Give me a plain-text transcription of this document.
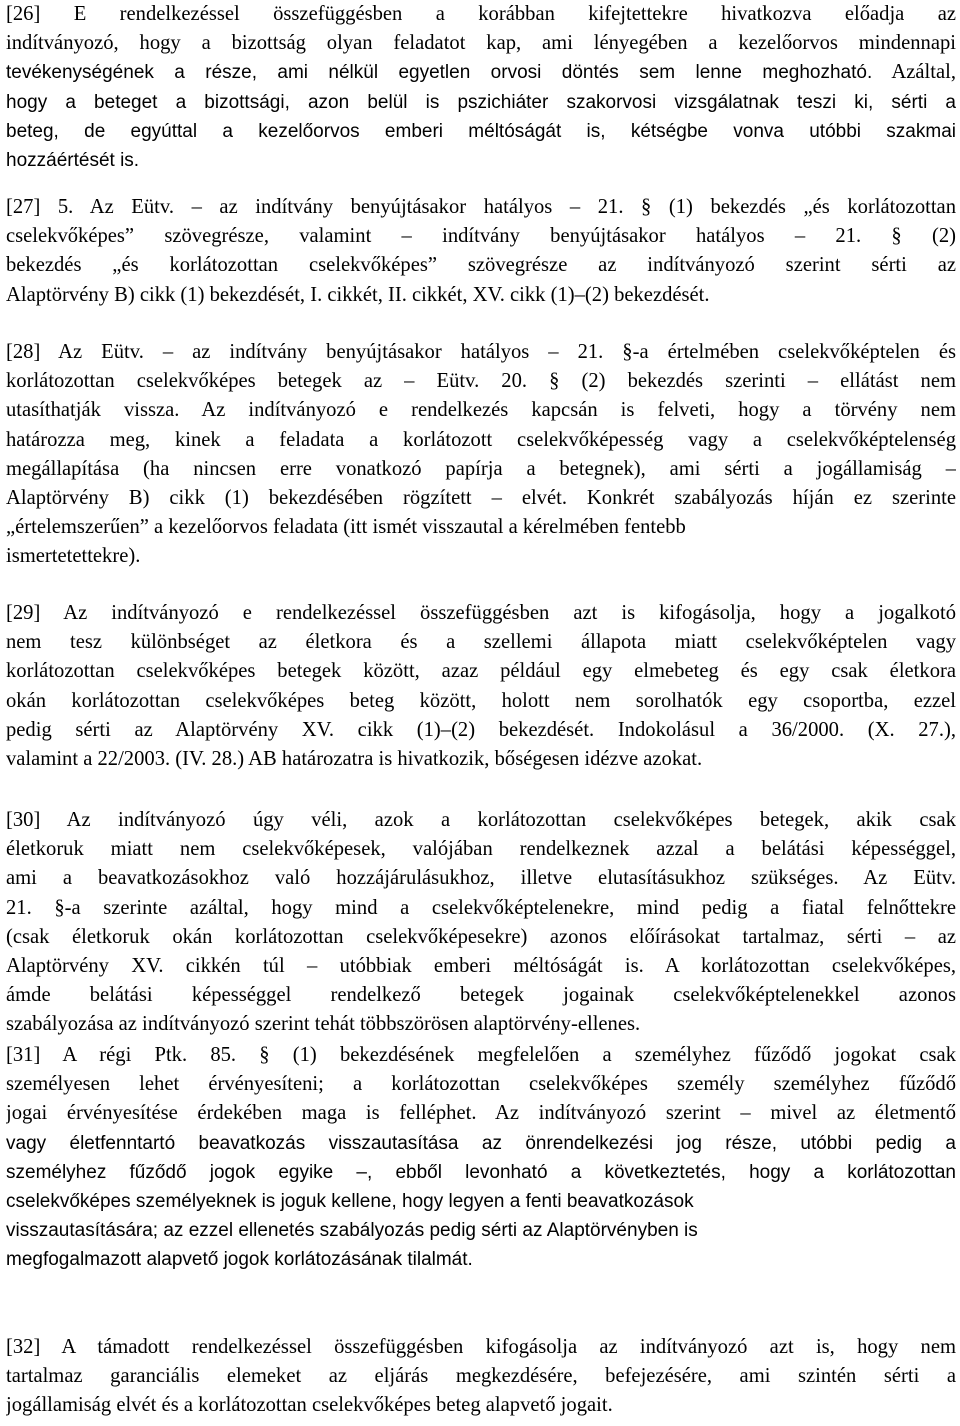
[26] E rendelkezéssel összefüggésben a korábban kifejtettekre hivatkozva előadja az
indítványozó, hogy a bizottság olyan feladatot kap, ami lényegében a kezelőorvos mindennapi
tevékenységének a része, ami nélkül egyetlen orvosi döntés sem lenne meghozható. Azáltal,
hogy a beteget a bizottsági, azon belül is pszichiáter szakorvosi vizsgálatnak teszi ki, sérti a
beteg, de egyúttal a kezelőorvos emberi méltóságát is, kétségbe vonva utóbbi szakmai
hozzáértését is.
[27] 5. Az Eütv. – az indítvány benyújtásakor hatályos – 21. § (1) bekezdés „és korlátozottan
cselekvőképes” szövegrésze, valamint – indítvány benyújtásakor hatályos – 21. § (2)
bekezdés „és korlátozottan cselekvőképes” szövegrésze az indítványozó szerint sérti az
Alaptörvény B) cikk (1) bekezdését, I. cikkét, II. cikkét, XV. cikk (1)–(2) bekezdését.
[28] Az Eütv. – az indítvány benyújtásakor hatályos – 21. §-a értelmében cselekvőképtelen és
korlátozottan cselekvőképes betegek az – Eütv. 20. § (2) bekezdés szerinti – ellátást nem
utasíthatják vissza. Az indítványozó e rendelkezés kapcsán is felveti, hogy a törvény nem
határozza meg, kinek a feladata a korlátozott cselekvőképesség vagy a cselekvőképtelenség
megállapítása (ha nincsen erre vonatkozó papírja a betegnek), ami sérti a jogállamiság –
Alaptörvény B) cikk (1) bekezdésében rögzített – elvét. Konkrét szabályozás híján ez szerinte
„értelemszerűen” a kezelőorvos feladata (itt ismét visszautal a kérelmében fentebb
ismertetettekre).
[29] Az indítványozó e rendelkezéssel összefüggésben azt is kifogásolja, hogy a jogalkotó
nem tesz különbséget az életkora és a szellemi állapota miatt cselekvőképtelen vagy
korlátozottan cselekvőképes betegek között, azaz például egy elmebeteg és egy csak életkora
okán korlátozottan cselekvőképes beteg között, holott nem sorolhatók egy csoportba, ezzel
pedig sérti az Alaptörvény XV. cikk (1)–(2) bekezdését. Indokolásul a 36/2000. (X. 27.),
valamint a 22/2003. (IV. 28.) AB határozatra is hivatkozik, bőségesen idézve azokat.
[30] Az indítványozó úgy véli, azok a korlátozottan cselekvőképes betegek, akik csak
életkoruk miatt nem cselekvőképesek, valójában rendelkeznek azzal a belátási képességgel,
ami a beavatkozásokhoz való hozzájárulásukhoz, illetve elutasításukhoz szükséges. Az Eütv.
21. §-a szerinte azáltal, hogy mind a cselekvőképtelenekre, mind pedig a fiatal felnőttekre
(csak életkoruk okán korlátozottan cselekvőképesekre) azonos előírásokat tartalmaz, sérti – az
Alaptörvény XV. cikkén túl – utóbbiak emberi méltóságát is. A korlátozottan cselekvőképes,
ámde belátási képességgel rendelkező betegek jogainak cselekvőképtelenekkel azonos
szabályozása az indítványozó szerint tehát többszörösen alaptörvény-ellenes.
[31] A régi Ptk. 85. § (1) bekezdésének megfelelően a személyhez fűződő jogokat csak
személyesen lehet érvényesíteni; a korlátozottan cselekvőképes személy személyhez fűződő
jogai érvényesítése érdekében maga is felléphet. Az indítványozó szerint – mivel az életmentő
vagy életfenntartó beavatkozás visszautasítása az önrendelkezési jog része, utóbbi pedig a
személyhez fűződő jogok egyike –, ebből levonható a következtetés, hogy a korlátozottan
cselekvőképes személyeknek is joguk kellene, hogy legyen a fenti beavatkozások
visszautasítására; az ezzel ellenetés szabályozás pedig sérti az Alaptörvényben is
megfogalmazott alapvető jogok korlátozásának tilalmát.
[32] A támadott rendelkezéssel összefüggésben kifogásolja az indítványozó azt is, hogy nem
tartalmaz garanciális elemeket az eljárás megkezdésére, befejezésére, ami szintén sérti a
jogállamiság elvét és a korlátozottan cselekvőképes beteg alapvető jogait.
